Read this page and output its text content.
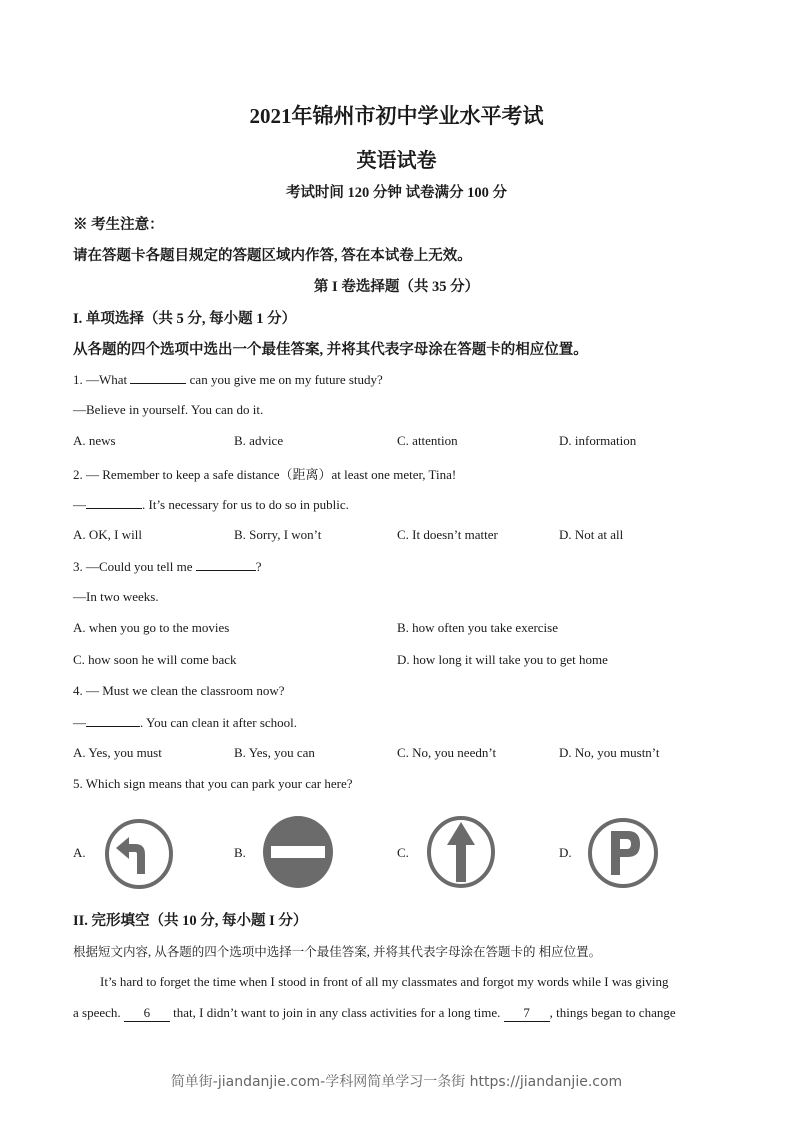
2021年锦州市初中学业水平考试
英语试卷
考试时间 120 分钟 试卷满分 100 分
※ 考生注意：
请在答题卡各题目规定的答题区域内作答, 答在本试卷上无效。
第 I 卷选择题（共 35 分）
I. 单项选择（共 5 分, 每小题 1 分）
从各题的四个选项中选出一个最佳答案, 并将其代表字母涂在答题卡的相应位置。
1. —What	can you give me on my future study?
—Believe in yourself. You can do it.
A. news	B. advice	C. attention	D. information
2. — Remember to keep a safe distance（距离）at least one meter, Tina!
—	. It’s necessary for us to do so in public.
A. OK, I will	B. Sorry, I won’t	C. It doesn’t matter	D. Not at all
3. —Could you tell me	?
—In two weeks.
A. when you go to the movies	B. how often you take exercise
C. how soon he will come back	D. how long it will take you to get home
4. — Must we clean the classroom now?
—	. You can clean it after school.
A. Yes, you must	B. Yes, you can	C. No, you needn’t	D. No, you mustn’t
5. Which sign means that you can park your car here?
A.	B.	C.	D.
II. 完形填空（共 10 分, 每小题 I 分）
根据短文内容, 从各题的四个选项中选择一个最佳答案, 并将其代表字母涂在答题卡的 相应位置。
It’s hard to forget the time when I stood in front of all my classmates and forgot my words while I was giving
a speech. 6 that, I didn’t want to join in any class activities for a long time. 7 , things began to change
简单街-jiandanjie.com-学科网简单学习一条街 https://jiandanjie.com
